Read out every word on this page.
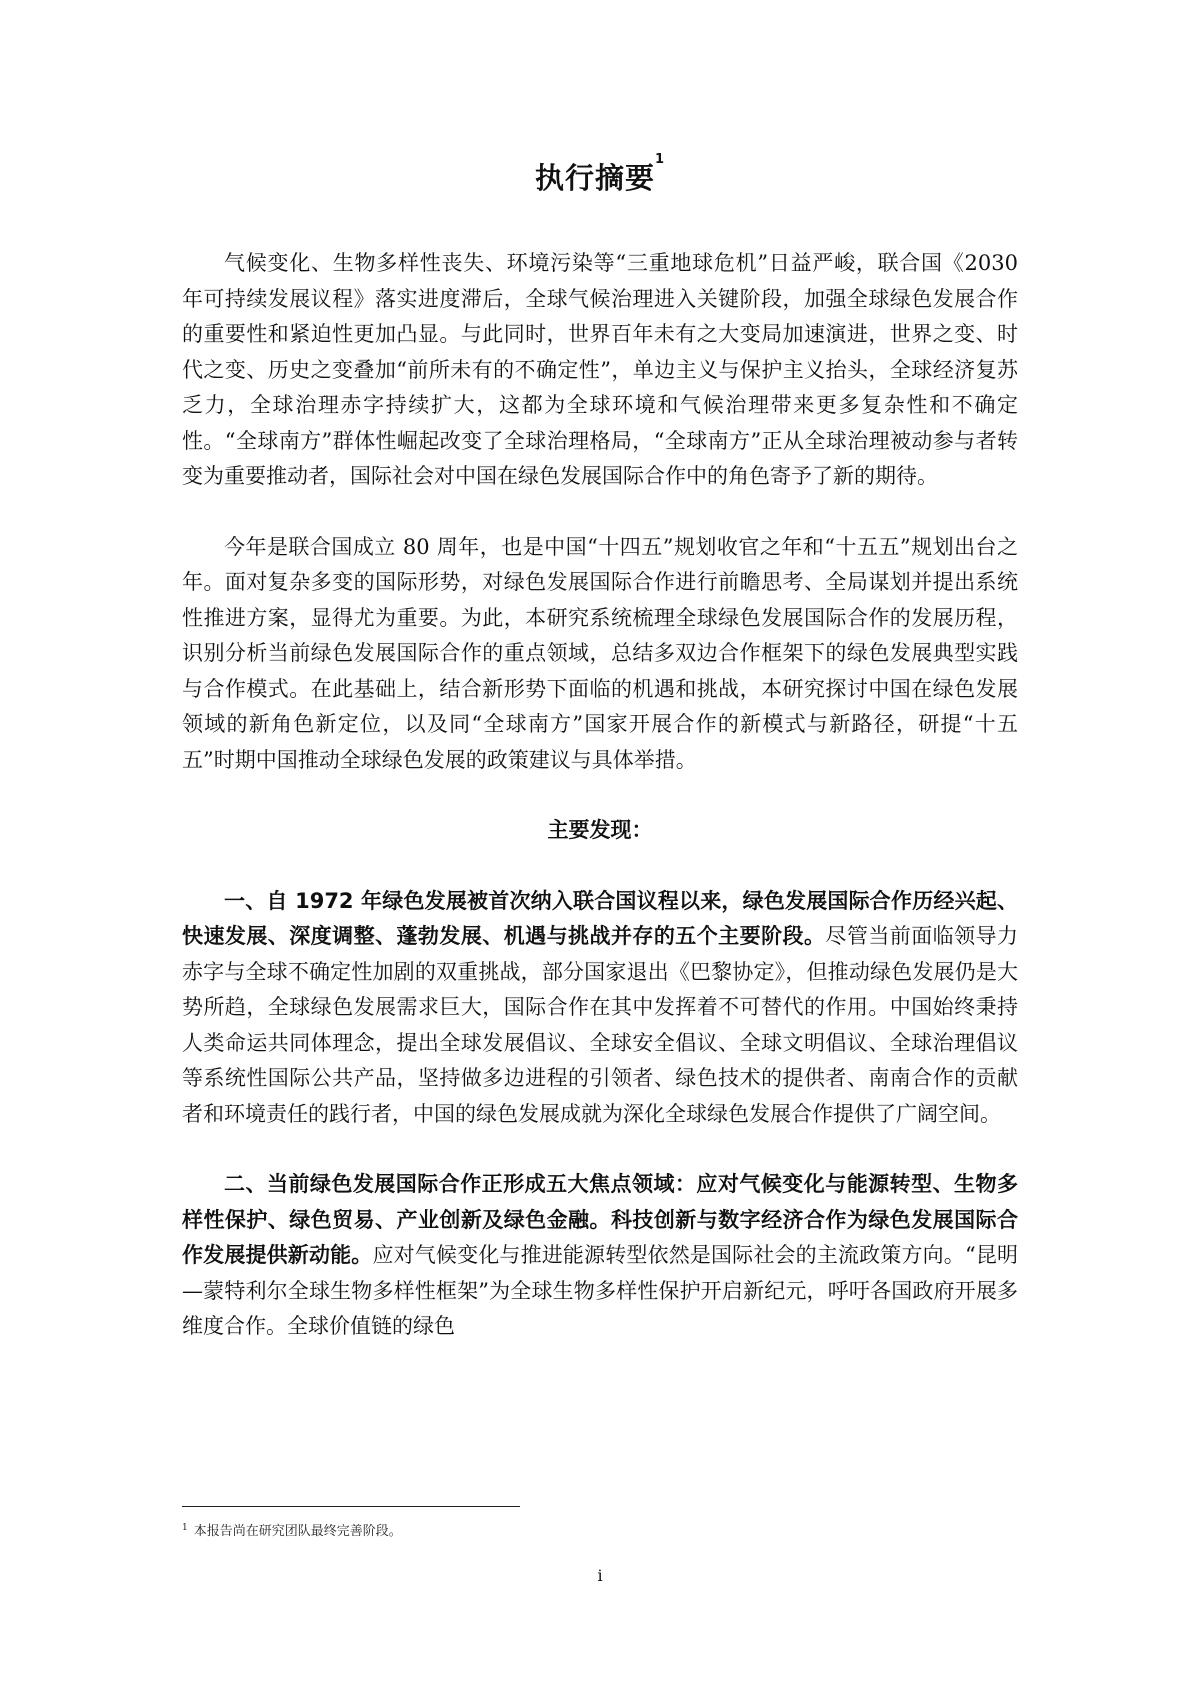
执行摘要$^1$

气候变化、生物多样性丧失、环境污染等“三重地球危机”日益严峻，联合国《2030 年可持续发展议程》落实进度滞后，全球气候治理进入关键阶段，加强全球绿色发展合作的重要性和紧迫性更加凸显。与此同时，世界百年未有之大变局加速演进，世界之变、时代之变、历史之变叠加“前所未有的不确定性”，单边主义与保护主义抬头，全球经济复苏乏力，全球治理赤字持续扩大，这都为全球环境和气候治理带来更多复杂性和不确定性。“全球南方”群体性崛起改变了全球治理格局，“全球南方”正从全球治理被动参与者转变为重要推动者，国际社会对中国在绿色发展国际合作中的角色寄予了新的期待。

今年是联合国成立 80 周年，也是中国“十四五”规划收官之年和“十五五”规划出台之年。面对复杂多变的国际形势，对绿色发展国际合作进行前瞻思考、全局谋划并提出系统性推进方案，显得尤为重要。为此，本研究系统梳理全球绿色发展国际合作的发展历程，识别分析当前绿色发展国际合作的重点领域，总结多双边合作框架下的绿色发展典型实践与合作模式。在此基础上，结合新形势下面临的机遇和挑战，本研究探讨中国在绿色发展领域的新角色新定位，以及同“全球南方”国家开展合作的新模式与新路径，研提“十五五”时期中国推动全球绿色发展的政策建议与具体举措。

主要发现：

一、自 1972 年绿色发展被首次纳入联合国议程以来，绿色发展国际合作历经兴起、快速发展、深度调整、蓬勃发展、机遇与挑战并存的五个主要阶段。尽管当前面临领导力赤字与全球不确定性加剧的双重挑战，部分国家退出《巴黎协定》，但推动绿色发展仍是大势所趋，全球绿色发展需求巨大，国际合作在其中发挥着不可替代的作用。中国始终秉持人类命运共同体理念，提出全球发展倡议、全球安全倡议、全球文明倡议、全球治理倡议等系统性国际公共产品，坚持做多边进程的引领者、绿色技术的提供者、南南合作的贡献者和环境责任的践行者，中国的绿色发展成就为深化全球绿色发展合作提供了广阔空间。

二、当前绿色发展国际合作正形成五大焦点领域：应对气候变化与能源转型、生物多样性保护、绿色贸易、产业创新及绿色金融。科技创新与数字经济合作为绿色发展国际合作发展提供新动能。应对气候变化与推进能源转型依然是国际社会的主流政策方向。“昆明—蒙特利尔全球生物多样性框架”为全球生物多样性保护开启新纪元，呼吁各国政府开展多维度合作。全球价值链的绿色

$^1$ 本报告尚在研究团队最终完善阶段。

i
